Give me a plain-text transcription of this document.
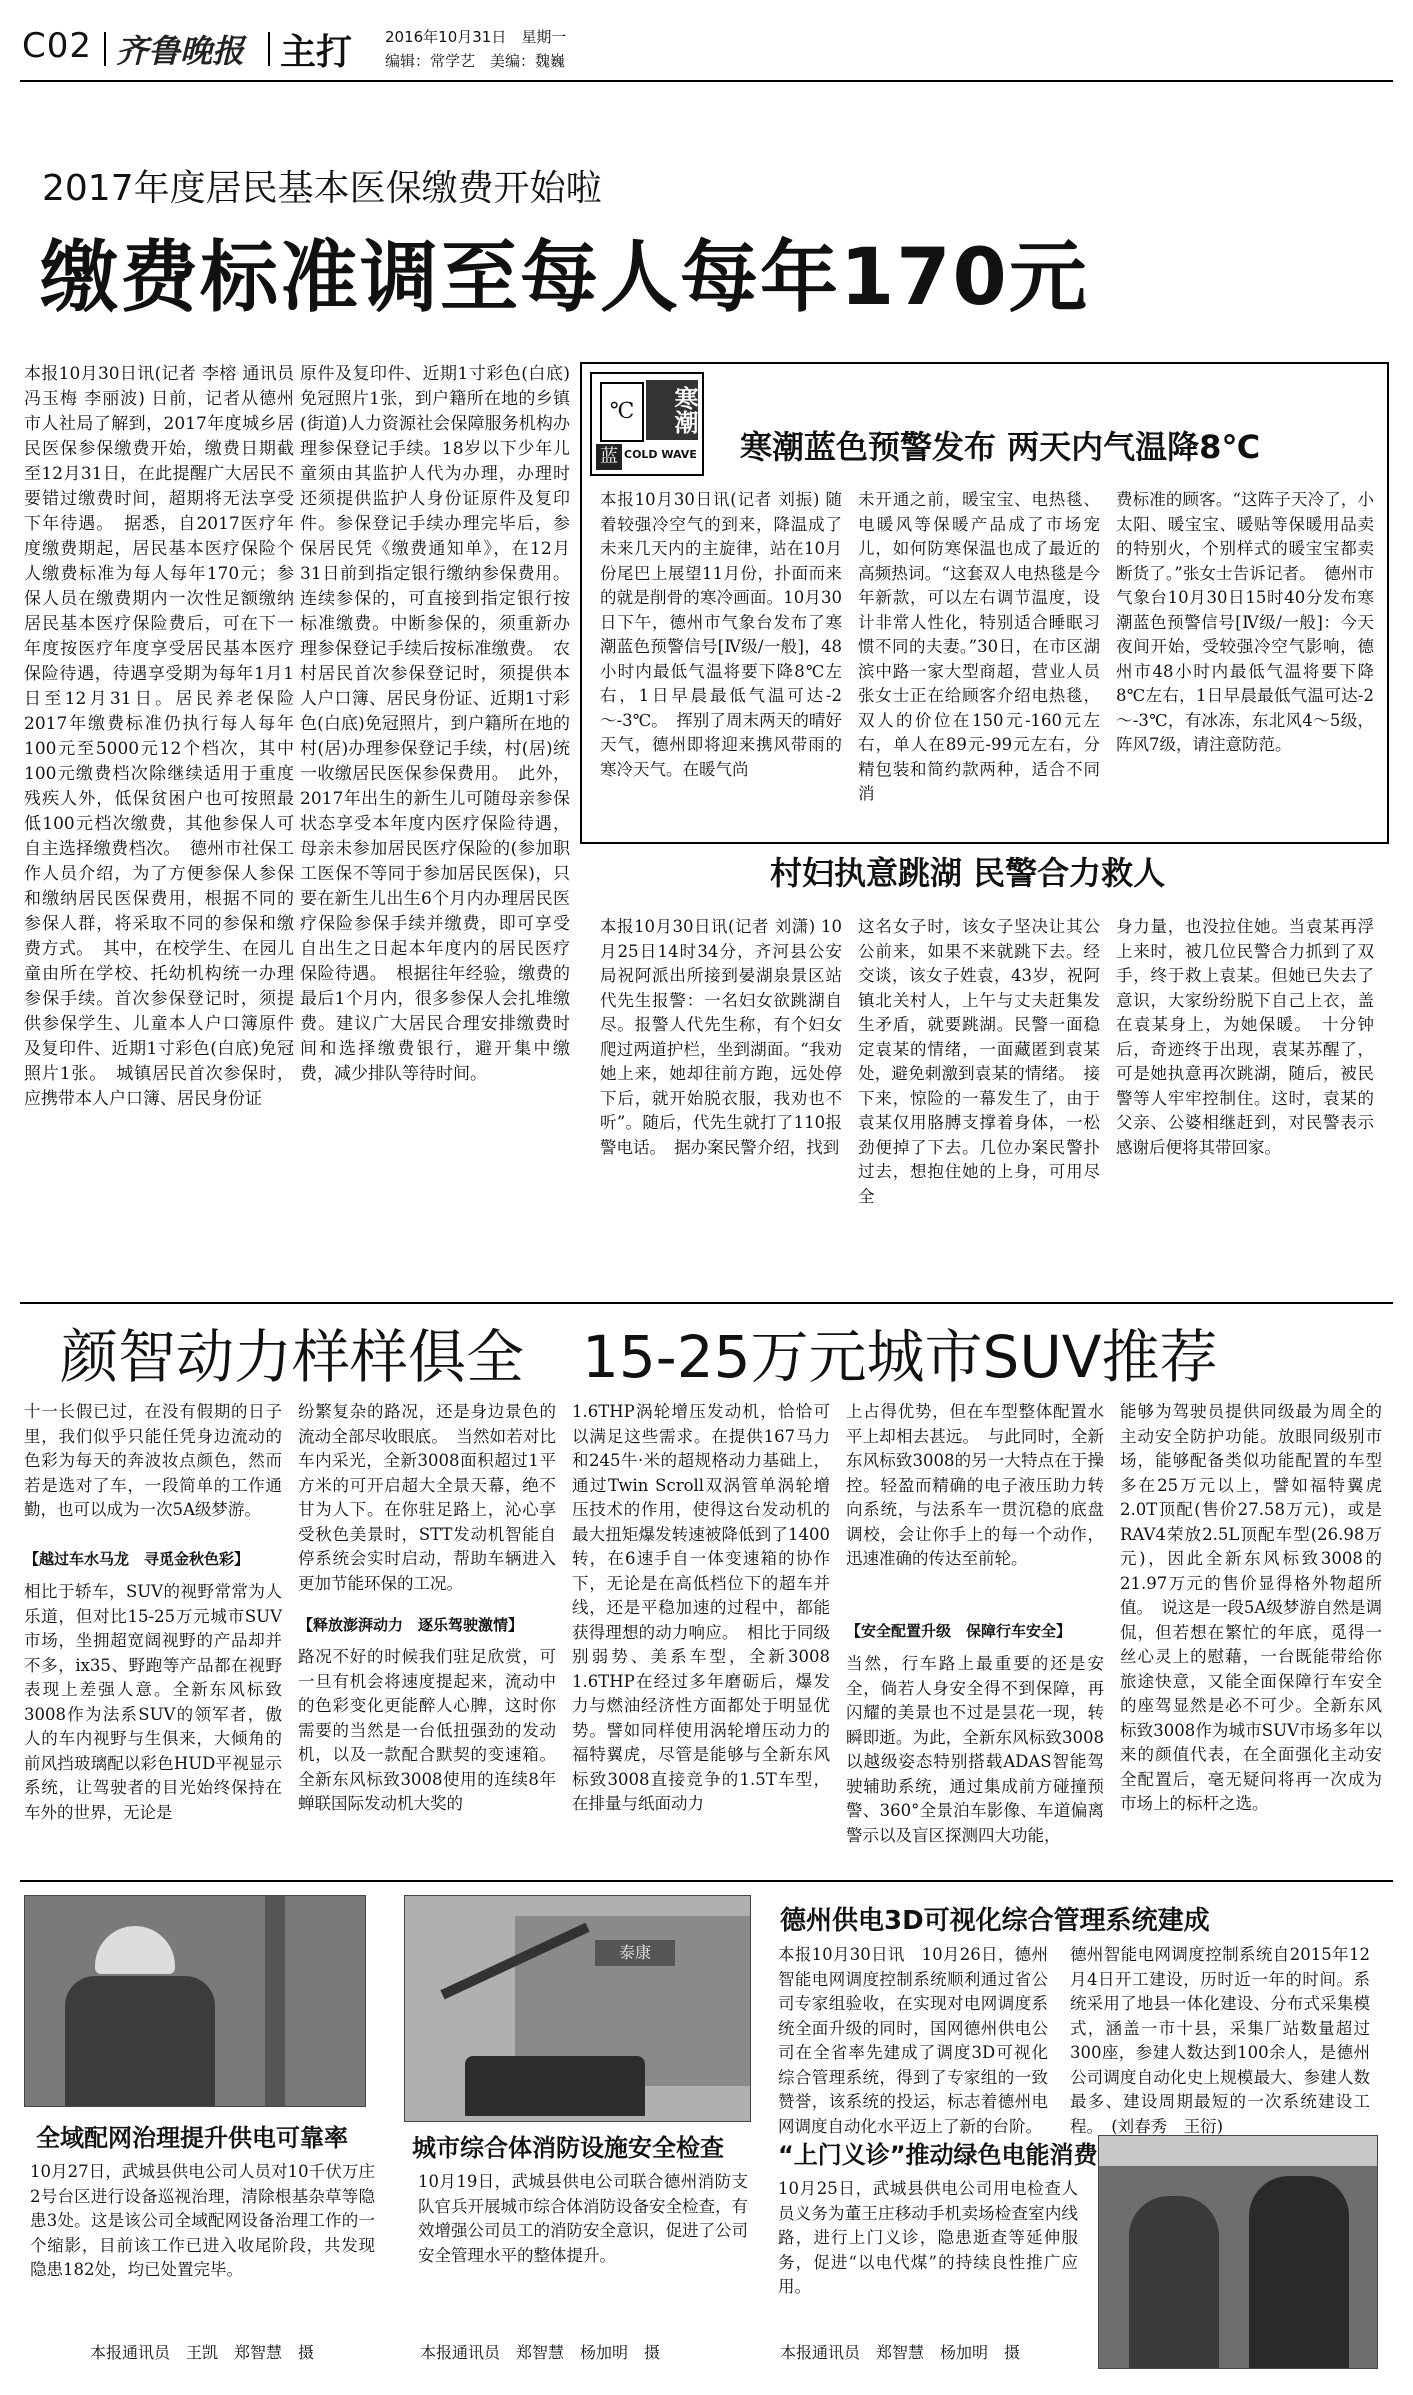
C02 齐鲁晚报 主打 2016年10月31日　星期一
编辑：常学艺　美编：魏巍
2017年度居民基本医保缴费开始啦
缴费标准调至每人每年170元
本报10月30日讯(记者 李榕 通讯员 冯玉梅 李丽波) 日前，记者从德州市人社局了解到，2017年度城乡居民医保参保缴费开始，缴费日期截至12月31日，在此提醒广大居民不要错过缴费时间，超期将无法享受下年待遇。　据悉，自2017医疗年度缴费期起，居民基本医疗保险个人缴费标准为每人每年170元；参保人员在缴费期内一次性足额缴纳居民基本医疗保险费后，可在下一年度按医疗年度享受居民基本医疗保险待遇，待遇享受期为每年1月1日至12月31日。居民养老保险2017年缴费标准仍执行每人每年100元至5000元12个档次，其中100元缴费档次除继续适用于重度残疾人外，低保贫困户也可按照最低100元档次缴费，其他参保人可自主选择缴费档次。　德州市社保工作人员介绍，为了方便参保人参保和缴纳居民医保费用，根据不同的参保人群，将采取不同的参保和缴费方式。　其中，在校学生、在园儿童由所在学校、托幼机构统一办理参保手续。首次参保登记时，须提供参保学生、儿童本人户口簿原件及复印件、近期1寸彩色(白底)免冠照片1张。　城镇居民首次参保时，应携带本人户口簿、居民身份证
原件及复印件、近期1寸彩色(白底)免冠照片1张，到户籍所在地的乡镇(街道)人力资源社会保障服务机构办理参保登记手续。18岁以下少年儿童须由其监护人代为办理，办理时还须提供监护人身份证原件及复印件。参保登记手续办理完毕后，参保居民凭《缴费通知单》，在12月31日前到指定银行缴纳参保费用。连续参保的，可直接到指定银行按标准缴费。中断参保的，须重新办理参保登记手续后按标准缴费。　农村居民首次参保登记时，须提供本人户口簿、居民身份证、近期1寸彩色(白底)免冠照片，到户籍所在地的村(居)办理参保登记手续，村(居)统一收缴居民医保参保费用。　此外，2017年出生的新生儿可随母亲参保状态享受本年度内医疗保险待遇，母亲未参加居民医疗保险的(参加职工医保不等同于参加居民医保)，只要在新生儿出生6个月内办理居民医疗保险参保手续并缴费，即可享受自出生之日起本年度内的居民医疗保险待遇。　根据往年经验，缴费的最后1个月内，很多参保人会扎堆缴费。建议广大居民合理安排缴费时间和选择缴费银行，避开集中缴费，减少排队等待时间。
℃	寒潮
蓝 COLD WAVE 寒潮蓝色预警发布 两天内气温降8℃
本报10月30日讯(记者 刘振) 随着较强冷空气的到来，降温成了未来几天内的主旋律，站在10月份尾巴上展望11月份，扑面而来的就是削骨的寒冷画面。10月30日下午，德州市气象台发布了寒潮蓝色预警信号[Ⅳ级/一般]，48小时内最低气温将要下降8℃左右，1日早晨最低气温可达-2～-3℃。　挥别了周末两天的晴好天气，德州即将迎来携风带雨的寒冷天气。在暖气尚
未开通之前，暖宝宝、电热毯、电暖风等保暖产品成了市场宠儿，如何防寒保温也成了最近的高频热词。“这套双人电热毯是今年新款，可以左右调节温度，设计非常人性化，特别适合睡眠习惯不同的夫妻。”30日，在市区湖滨中路一家大型商超，营业人员张女士正在给顾客介绍电热毯，双人的价位在150元-160元左右，单人在89元-99元左右，分精包装和简约款两种，适合不同消
费标准的顾客。“这阵子天冷了，小太阳、暖宝宝、暖贴等保暖用品卖的特别火，个别样式的暖宝宝都卖断货了。”张女士告诉记者。　德州市气象台10月30日15时40分发布寒潮蓝色预警信号[Ⅳ级/一般]：今天夜间开始，受较强冷空气影响，德州市48小时内最低气温将要下降8℃左右，1日早晨最低气温可达-2～-3℃，有冰冻，东北风4～5级，阵风7级，请注意防范。
村妇执意跳湖 民警合力救人
本报10月30日讯(记者 刘潇) 10月25日14时34分，齐河县公安局祝阿派出所接到晏湖泉景区站代先生报警：一名妇女欲跳湖自尽。报警人代先生称，有个妇女爬过两道护栏，坐到湖面。“我劝她上来，她却往前方跑，远处停下后，就开始脱衣服，我劝也不听”。随后，代先生就打了110报警电话。　据办案民警介绍，找到
这名女子时，该女子坚决让其公公前来，如果不来就跳下去。经交谈，该女子姓袁，43岁，祝阿镇北关村人，上午与丈夫赶集发生矛盾，就要跳湖。民警一面稳定袁某的情绪，一面藏匿到袁某处，避免刺激到袁某的情绪。　接下来，惊险的一幕发生了，由于袁某仅用胳膊支撑着身体，一松劲便掉了下去。几位办案民警扑过去，想抱住她的上身，可用尽全
身力量，也没拉住她。当袁某再浮上来时，被几位民警合力抓到了双手，终于救上袁某。但她已失去了意识，大家纷纷脱下自己上衣，盖在袁某身上，为她保暖。　十分钟后，奇迹终于出现，袁某苏醒了，可是她执意再次跳湖，随后，被民警等人牢牢控制住。这时，袁某的父亲、公婆相继赶到，对民警表示感谢后便将其带回家。
颜智动力样样俱全　15-25万元城市SUV推荐
十一长假已过，在没有假期的日子里，我们似乎只能任凭身边流动的色彩为每天的奔波妆点颜色，然而若是选对了车，一段简单的工作通勤，也可以成为一次5A级梦游。
【越过车水马龙　寻觅金秋色彩】
相比于轿车，SUV的视野常常为人乐道，但对比15-25万元城市SUV市场，坐拥超宽阔视野的产品却并不多，ix35、野跑等产品都在视野表现上差强人意。全新东风标致3008作为法系SUV的领军者，傲人的车内视野与生俱来，大倾角的前风挡玻璃配以彩色HUD平视显示系统，让驾驶者的目光始终保持在车外的世界，无论是
纷繁复杂的路况，还是身边景色的流动全部尽收眼底。　当然如若对比车内采光，全新3008面积超过1平方米的可开启超大全景天幕，绝不甘为人下。在你驻足路上，沁心享受秋色美景时，STT发动机智能自停系统会实时启动，帮助车辆进入更加节能环保的工况。
【释放澎湃动力　逐乐驾驶激情】
路况不好的时候我们驻足欣赏，可一旦有机会将速度提起来，流动中的色彩变化更能醉人心脾，这时你需要的当然是一台低扭强劲的发动机，以及一款配合默契的变速箱。全新东风标致3008使用的连续8年蝉联国际发动机大奖的
1.6THP涡轮增压发动机，恰恰可以满足这些需求。在提供167马力和245牛·米的超规格动力基础上，通过Twin Scroll双涡管单涡轮增压技术的作用，使得这台发动机的最大扭矩爆发转速被降低到了1400转，在6速手自一体变速箱的协作下，无论是在高低档位下的超车并线，还是平稳加速的过程中，都能获得理想的动力响应。　相比于同级别弱势、美系车型，全新3008 1.6THP在经过多年磨砺后，爆发力与燃油经济性方面都处于明显优势。譬如同样使用涡轮增压动力的福特翼虎，尽管是能够与全新东风标致3008直接竞争的1.5T车型，在排量与纸面动力
上占得优势，但在车型整体配置水平上却相去甚远。　与此同时，全新东风标致3008的另一大特点在于操控。轻盈而精确的电子液压助力转向系统，与法系车一贯沉稳的底盘调校，会让你手上的每一个动作，迅速准确的传达至前轮。
【安全配置升级　保障行车安全】
当然，行车路上最重要的还是安全，倘若人身安全得不到保障，再闪耀的美景也不过是昙花一现，转瞬即逝。为此，全新东风标致3008以越级姿态特别搭载ADAS智能驾驶辅助系统，通过集成前方碰撞预警、360°全景泊车影像、车道偏离警示以及盲区探测四大功能，
能够为驾驶员提供同级最为周全的主动安全防护功能。放眼同级别市场，能够配备类似功能配置的车型多在25万元以上，譬如福特翼虎2.0T顶配(售价27.58万元)，或是RAV4荣放2.5L顶配车型(26.98万元)，因此全新东风标致3008的21.97万元的售价显得格外物超所值。　说这是一段5A级梦游自然是调侃，但若想在繁忙的年底，觅得一丝心灵上的慰藉，一台既能带给你旅途快意，又能全面保障行车安全的座驾显然是必不可少。全新东风标致3008作为城市SUV市场多年以来的颜值代表，在全面强化主动安全配置后，毫无疑问将再一次成为市场上的标杆之选。
全域配网治理提升供电可靠率
10月27日，武城县供电公司人员对10千伏万庄2号台区进行设备巡视治理，清除根基杂草等隐患3处。这是该公司全域配网设备治理工作的一个缩影，目前该工作已进入收尾阶段，共发现隐患182处，均已处置完毕。
本报通讯员　王凯　郑智慧　摄
泰康
城市综合体消防设施安全检查
10月19日，武城县供电公司联合德州消防支队官兵开展城市综合体消防设备安全检查，有效增强公司员工的消防安全意识，促进了公司安全管理水平的整体提升。
本报通讯员　郑智慧　杨加明　摄
德州供电3D可视化综合管理系统建成
本报10月30日讯　10月26日，德州智能电网调度控制系统顺利通过省公司专家组验收，在实现对电网调度系统全面升级的同时，国网德州供电公司在全省率先建成了调度3D可视化综合管理系统，得到了专家组的一致赞誉，该系统的投运，标志着德州电网调度自动化水平迈上了新的台阶。
德州智能电网调度控制系统自2015年12月4日开工建设，历时近一年的时间。系统采用了地县一体化建设、分布式采集模式，涵盖一市十县，采集厂站数量超过300座，参建人数达到100余人，是德州公司调度自动化史上规模最大、参建人数最多、建设周期最短的一次系统建设工程。　(刘春秀　王衍)
“上门义诊”推动绿色电能消费
10月25日，武城县供电公司用电检查人员义务为董王庄移动手机卖场检查室内线路，进行上门义诊，隐患逝查等延伸服务，促进“以电代煤”的持续良性推广应用。
本报通讯员　郑智慧　杨加明　摄
